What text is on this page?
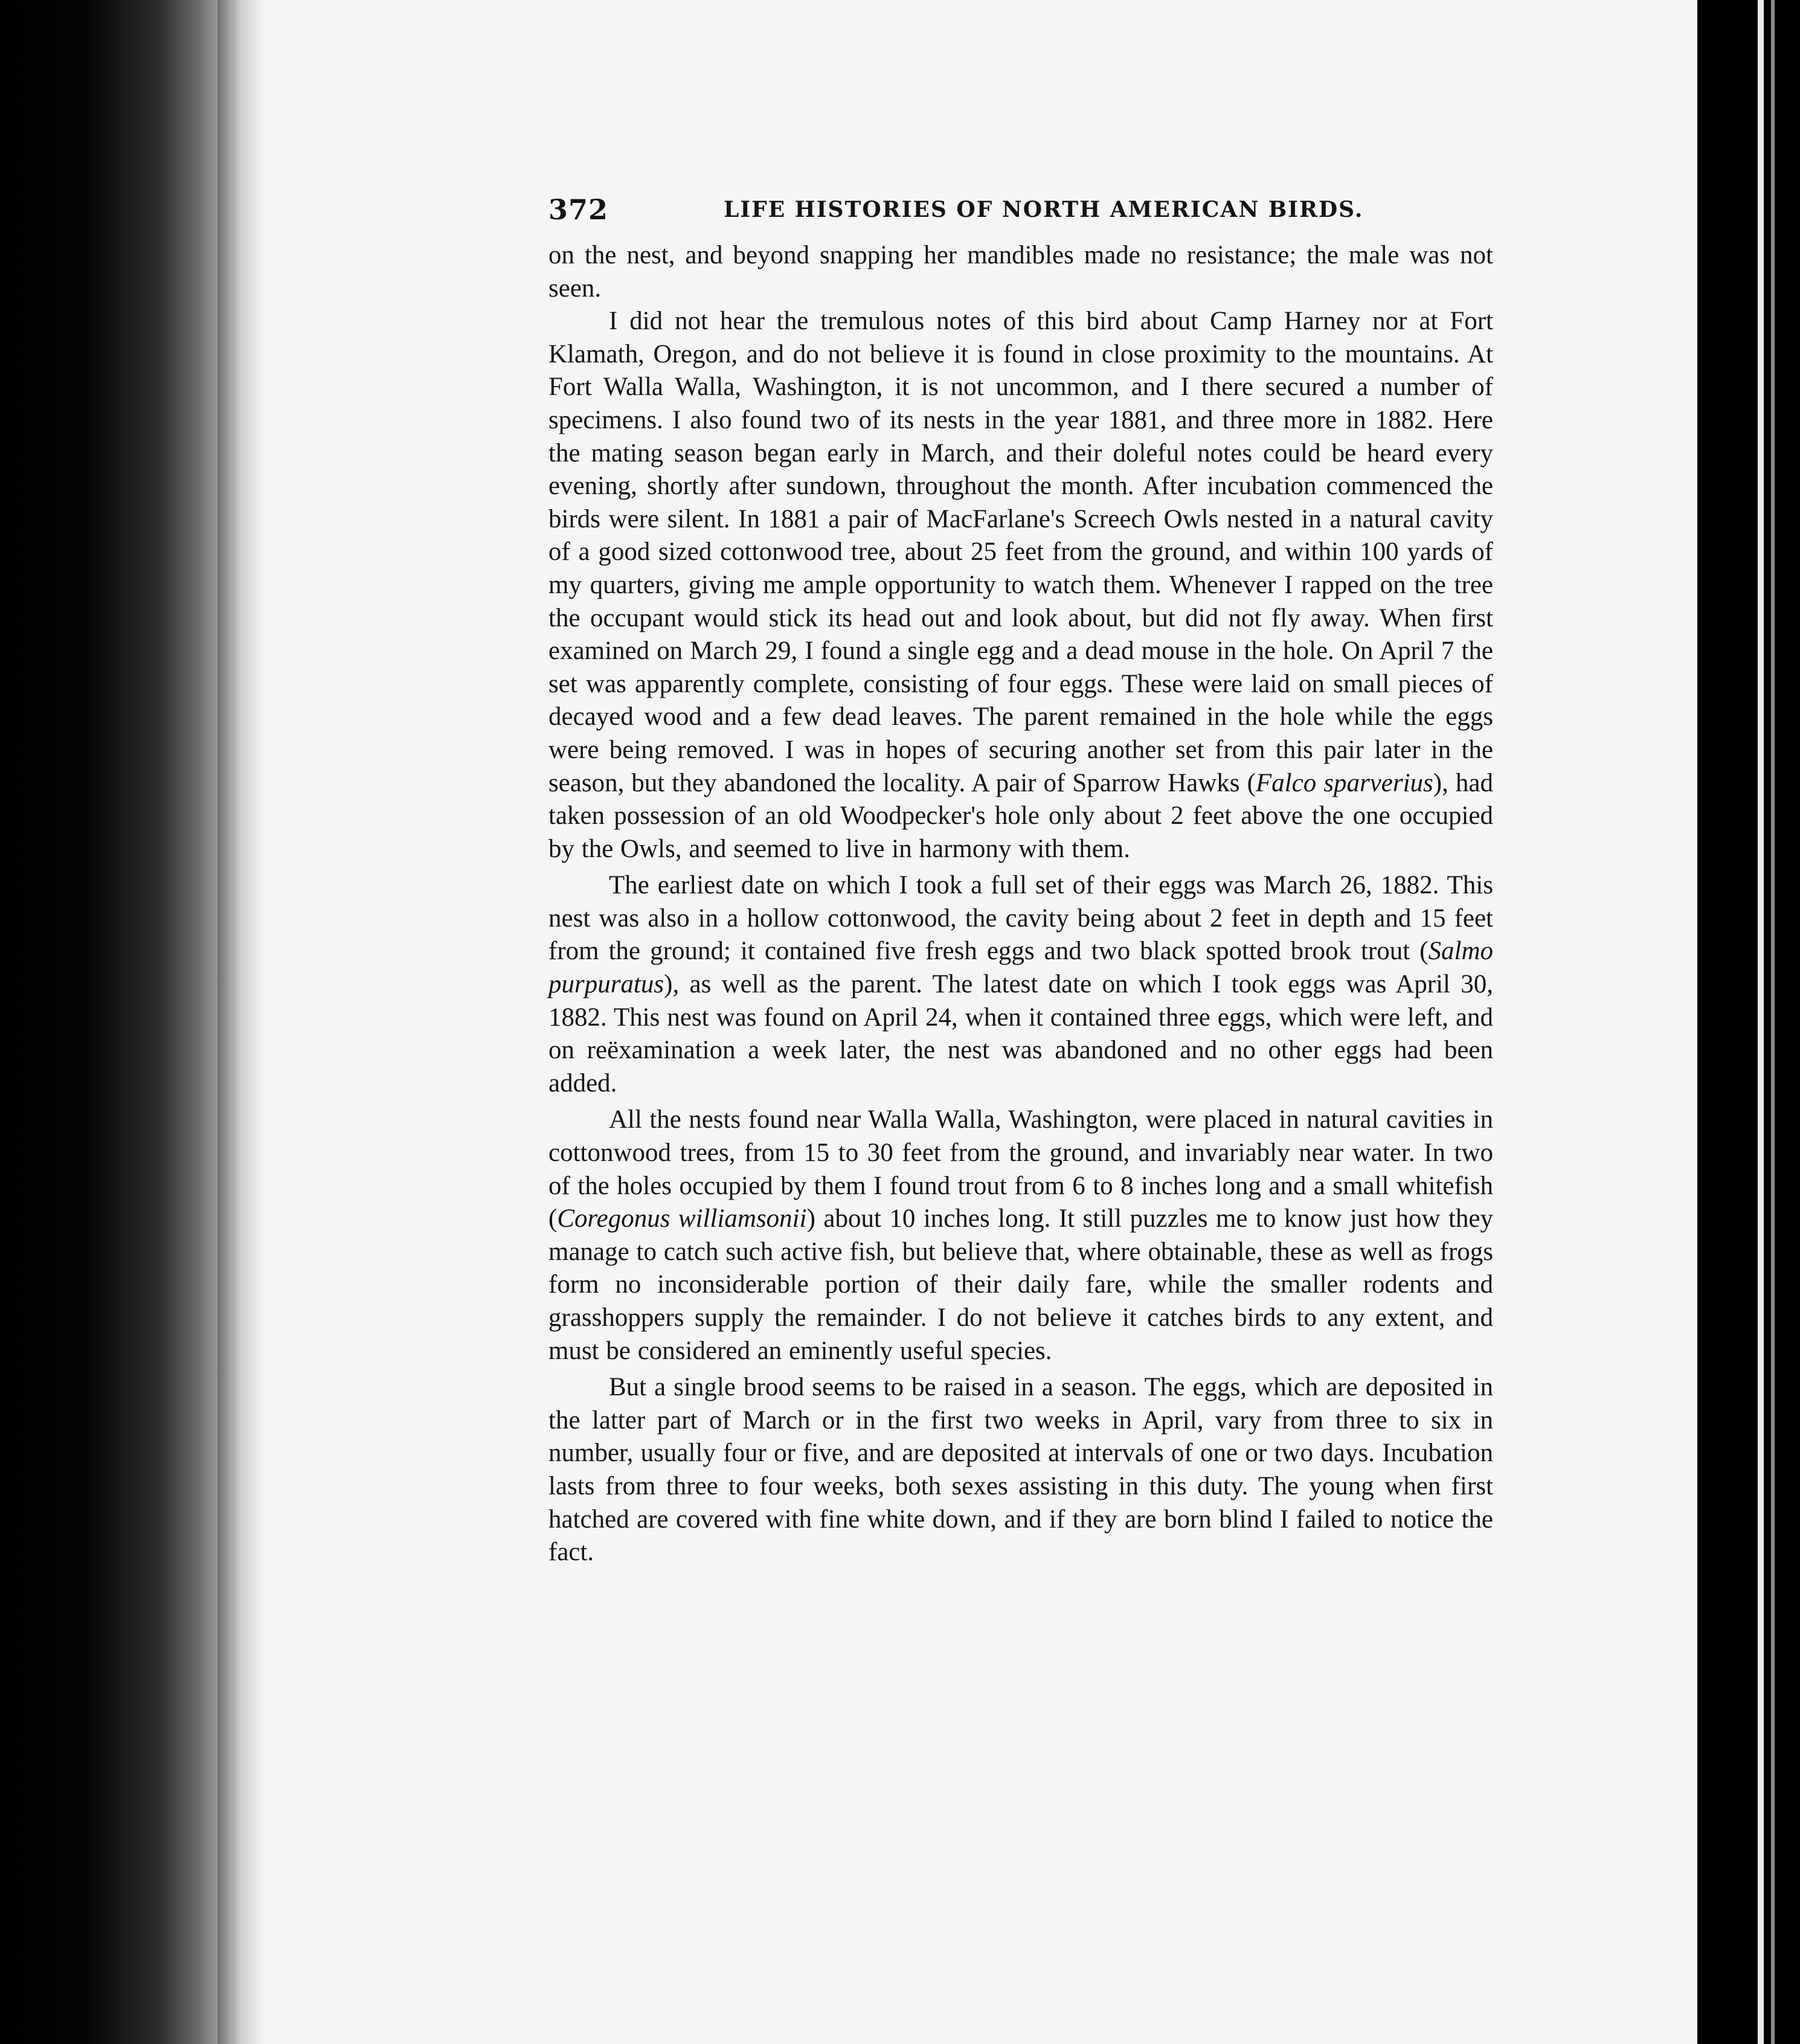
372	LIFE HISTORIES OF NORTH AMERICAN BIRDS.

on the nest, and beyond snapping her mandibles made no resistance; the male was not seen.

I did not hear the tremulous notes of this bird about Camp Harney nor at Fort Klamath, Oregon, and do not believe it is found in close proximity to the mountains. At Fort Walla Walla, Washington, it is not uncommon, and I there secured a number of specimens. I also found two of its nests in the year 1881, and three more in 1882. Here the mating season began early in March, and their doleful notes could be heard every evening, shortly after sundown, throughout the month. After incubation commenced the birds were silent. In 1881 a pair of MacFarlane's Screech Owls nested in a natural cavity of a good sized cottonwood tree, about 25 feet from the ground, and within 100 yards of my quarters, giving me ample opportunity to watch them. Whenever I rapped on the tree the occupant would stick its head out and look about, but did not fly away. When first examined on March 29, I found a single egg and a dead mouse in the hole. On April 7 the set was apparently complete, consisting of four eggs. These were laid on small pieces of decayed wood and a few dead leaves. The parent remained in the hole while the eggs were being removed. I was in hopes of securing another set from this pair later in the season, but they abandoned the locality. A pair of Sparrow Hawks (Falco sparverius), had taken possession of an old Woodpecker's hole only about 2 feet above the one occupied by the Owls, and seemed to live in harmony with them.

The earliest date on which I took a full set of their eggs was March 26, 1882. This nest was also in a hollow cottonwood, the cavity being about 2 feet in depth and 15 feet from the ground; it contained five fresh eggs and two black spotted brook trout (Salmo purpuratus), as well as the parent. The latest date on which I took eggs was April 30, 1882. This nest was found on April 24, when it contained three eggs, which were left, and on reëxamination a week later, the nest was abandoned and no other eggs had been added.

All the nests found near Walla Walla, Washington, were placed in natural cavities in cottonwood trees, from 15 to 30 feet from the ground, and invariably near water. In two of the holes occupied by them I found trout from 6 to 8 inches long and a small whitefish (Coregonus williamsonii) about 10 inches long. It still puzzles me to know just how they manage to catch such active fish, but believe that, where obtainable, these as well as frogs form no inconsiderable portion of their daily fare, while the smaller rodents and grasshoppers supply the remainder. I do not believe it catches birds to any extent, and must be considered an eminently useful species.

But a single brood seems to be raised in a season. The eggs, which are deposited in the latter part of March or in the first two weeks in April, vary from three to six in number, usually four or five, and are deposited at intervals of one or two days. Incubation lasts from three to four weeks, both sexes assisting in this duty. The young when first hatched are covered with fine white down, and if they are born blind I failed to notice the fact.
